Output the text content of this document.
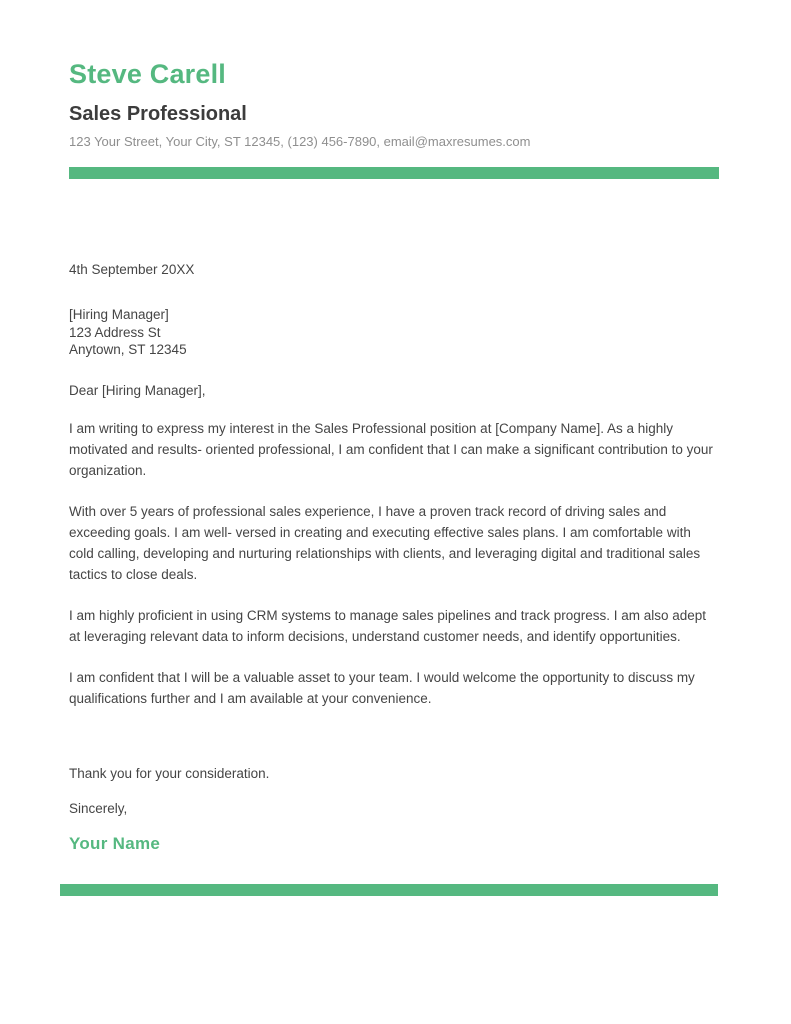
Steve Carell
Sales Professional
123 Your Street, Your City, ST 12345, (123) 456-7890, email@maxresumes.com
4th September 20XX
[Hiring Manager]
123 Address St
Anytown, ST 12345
Dear [Hiring Manager],

I am writing to express my interest in the Sales Professional position at [Company Name]. As a highly motivated and results- oriented professional, I am confident that I can make a significant contribution to your organization.

With over 5 years of professional sales experience, I have a proven track record of driving sales and exceeding goals. I am well- versed in creating and executing effective sales plans. I am comfortable with cold calling, developing and nurturing relationships with clients, and leveraging digital and traditional sales tactics to close deals.

I am highly proficient in using CRM systems to manage sales pipelines and track progress. I am also adept at leveraging relevant data to inform decisions, understand customer needs, and identify opportunities.

I am confident that I will be a valuable asset to your team. I would welcome the opportunity to discuss my qualifications further and I am available at your convenience.

Thank you for your consideration.
Sincerely,
Your Name
